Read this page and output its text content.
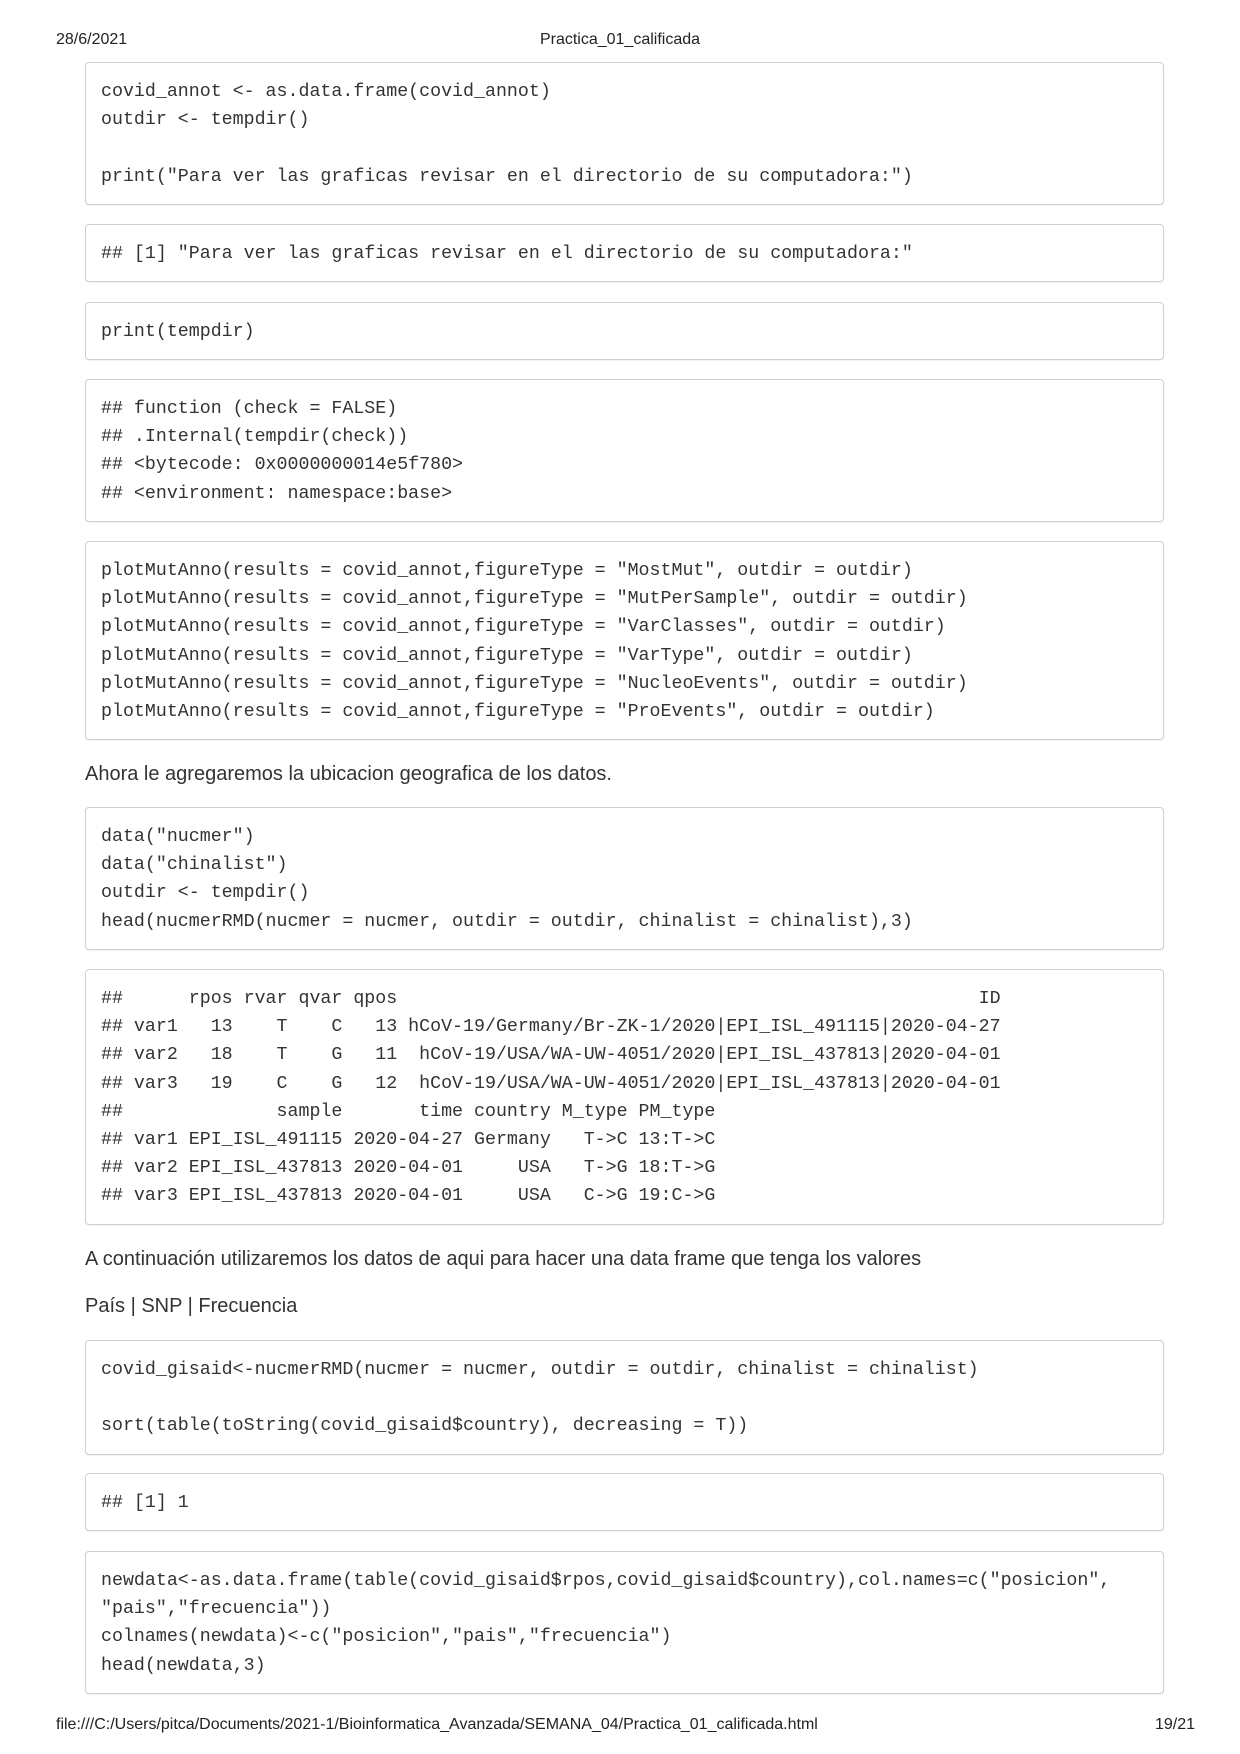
28/6/2021	Practica_01_calificada
covid_annot <- as.data.frame(covid_annot)
outdir <- tempdir()
print("Para ver las graficas revisar en el directorio de su computadora:")
## [1] "Para ver las graficas revisar en el directorio de su computadora:"
print(tempdir)
## function (check = FALSE)
## .Internal(tempdir(check))
## <bytecode: 0x0000000014e5f780>
## <environment: namespace:base>
plotMutAnno(results = covid_annot,figureType = "MostMut", outdir = outdir)
plotMutAnno(results = covid_annot,figureType = "MutPerSample", outdir = outdir)
plotMutAnno(results = covid_annot,figureType = "VarClasses", outdir = outdir)
plotMutAnno(results = covid_annot,figureType = "VarType", outdir = outdir)
plotMutAnno(results = covid_annot,figureType = "NucleoEvents", outdir = outdir)
plotMutAnno(results = covid_annot,figureType = "ProEvents", outdir = outdir)
Ahora le agregaremos la ubicacion geografica de los datos.
data("nucmer")
data("chinalist")
outdir <- tempdir()
head(nucmerRMD(nucmer = nucmer, outdir = outdir, chinalist = chinalist),3)
##      rpos rvar qvar qpos                                                     ID
## var1   13    T    C   13 hCoV-19/Germany/Br-ZK-1/2020|EPI_ISL_491115|2020-04-27
## var2   18    T    G   11  hCoV-19/USA/WA-UW-4051/2020|EPI_ISL_437813|2020-04-01
## var3   19    C    G   12  hCoV-19/USA/WA-UW-4051/2020|EPI_ISL_437813|2020-04-01
##              sample       time country M_type PM_type
## var1 EPI_ISL_491115 2020-04-27 Germany   T->C 13:T->C
## var2 EPI_ISL_437813 2020-04-01     USA   T->G 18:T->G
## var3 EPI_ISL_437813 2020-04-01     USA   C->G 19:C->G
A continuación utilizaremos los datos de aqui para hacer una data frame que tenga los valores
País | SNP | Frecuencia
covid_gisaid<-nucmerRMD(nucmer = nucmer, outdir = outdir, chinalist = chinalist)
sort(table(toString(covid_gisaid$country), decreasing = T))
## [1] 1
newdata<-as.data.frame(table(covid_gisaid$rpos,covid_gisaid$country),col.names=c("posicion",
"pais","frecuencia"))
colnames(newdata)<-c("posicion","pais","frecuencia")
head(newdata,3)
file:///C:/Users/pitca/Documents/2021-1/Bioinformatica_Avanzada/SEMANA_04/Practica_01_calificada.html	19/21
